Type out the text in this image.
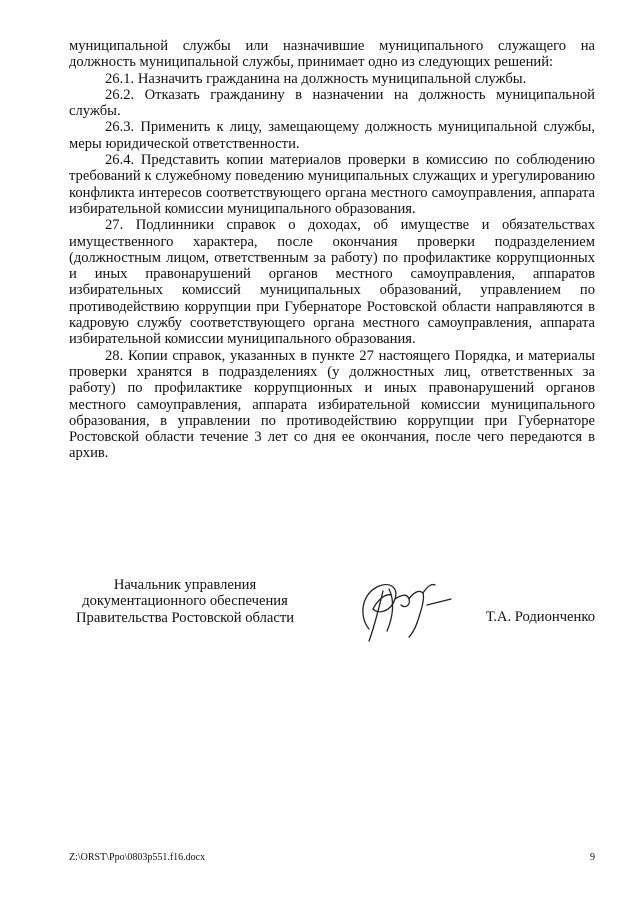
муниципальной службы или назначившие муниципального служащего на должность муниципальной службы, принимает одно из следующих решений:

26.1. Назначить гражданина на должность муниципальной службы.

26.2. Отказать гражданину в назначении на должность муниципальной службы.

26.3. Применить к лицу, замещающему должность муниципальной службы, меры юридической ответственности.

26.4. Представить копии материалов проверки в комиссию по соблюдению требований к служебному поведению муниципальных служащих и урегулированию конфликта интересов соответствующего органа местного самоуправления, аппарата избирательной комиссии муниципального образования.

27. Подлинники справок о доходах, об имуществе и обязательствах имущественного характера, после окончания проверки подразделением (должностным лицом, ответственным за работу) по профилактике коррупционных и иных правонарушений органов местного самоуправления, аппаратов избирательных комиссий муниципальных образований, управлением по противодействию коррупции при Губернаторе Ростовской области направляются в кадровую службу соответствующего органа местного самоуправления, аппарата избирательной комиссии муниципального образования.

28. Копии справок, указанных в пункте 27 настоящего Порядка, и материалы проверки хранятся в подразделениях (у должностных лиц, ответственных за работу) по профилактике коррупционных и иных правонарушений органов местного самоуправления, аппарата избирательной комиссии муниципального образования, в управлении по противодействию коррупции при Губернаторе Ростовской области течение 3 лет со дня ее окончания, после чего передаются в архив.

Начальник управления
документационного обеспечения
Правительства Ростовской области	Т.А. Родионченко
Z:\ORST\Ppo\0803p551.f16.docx	9
